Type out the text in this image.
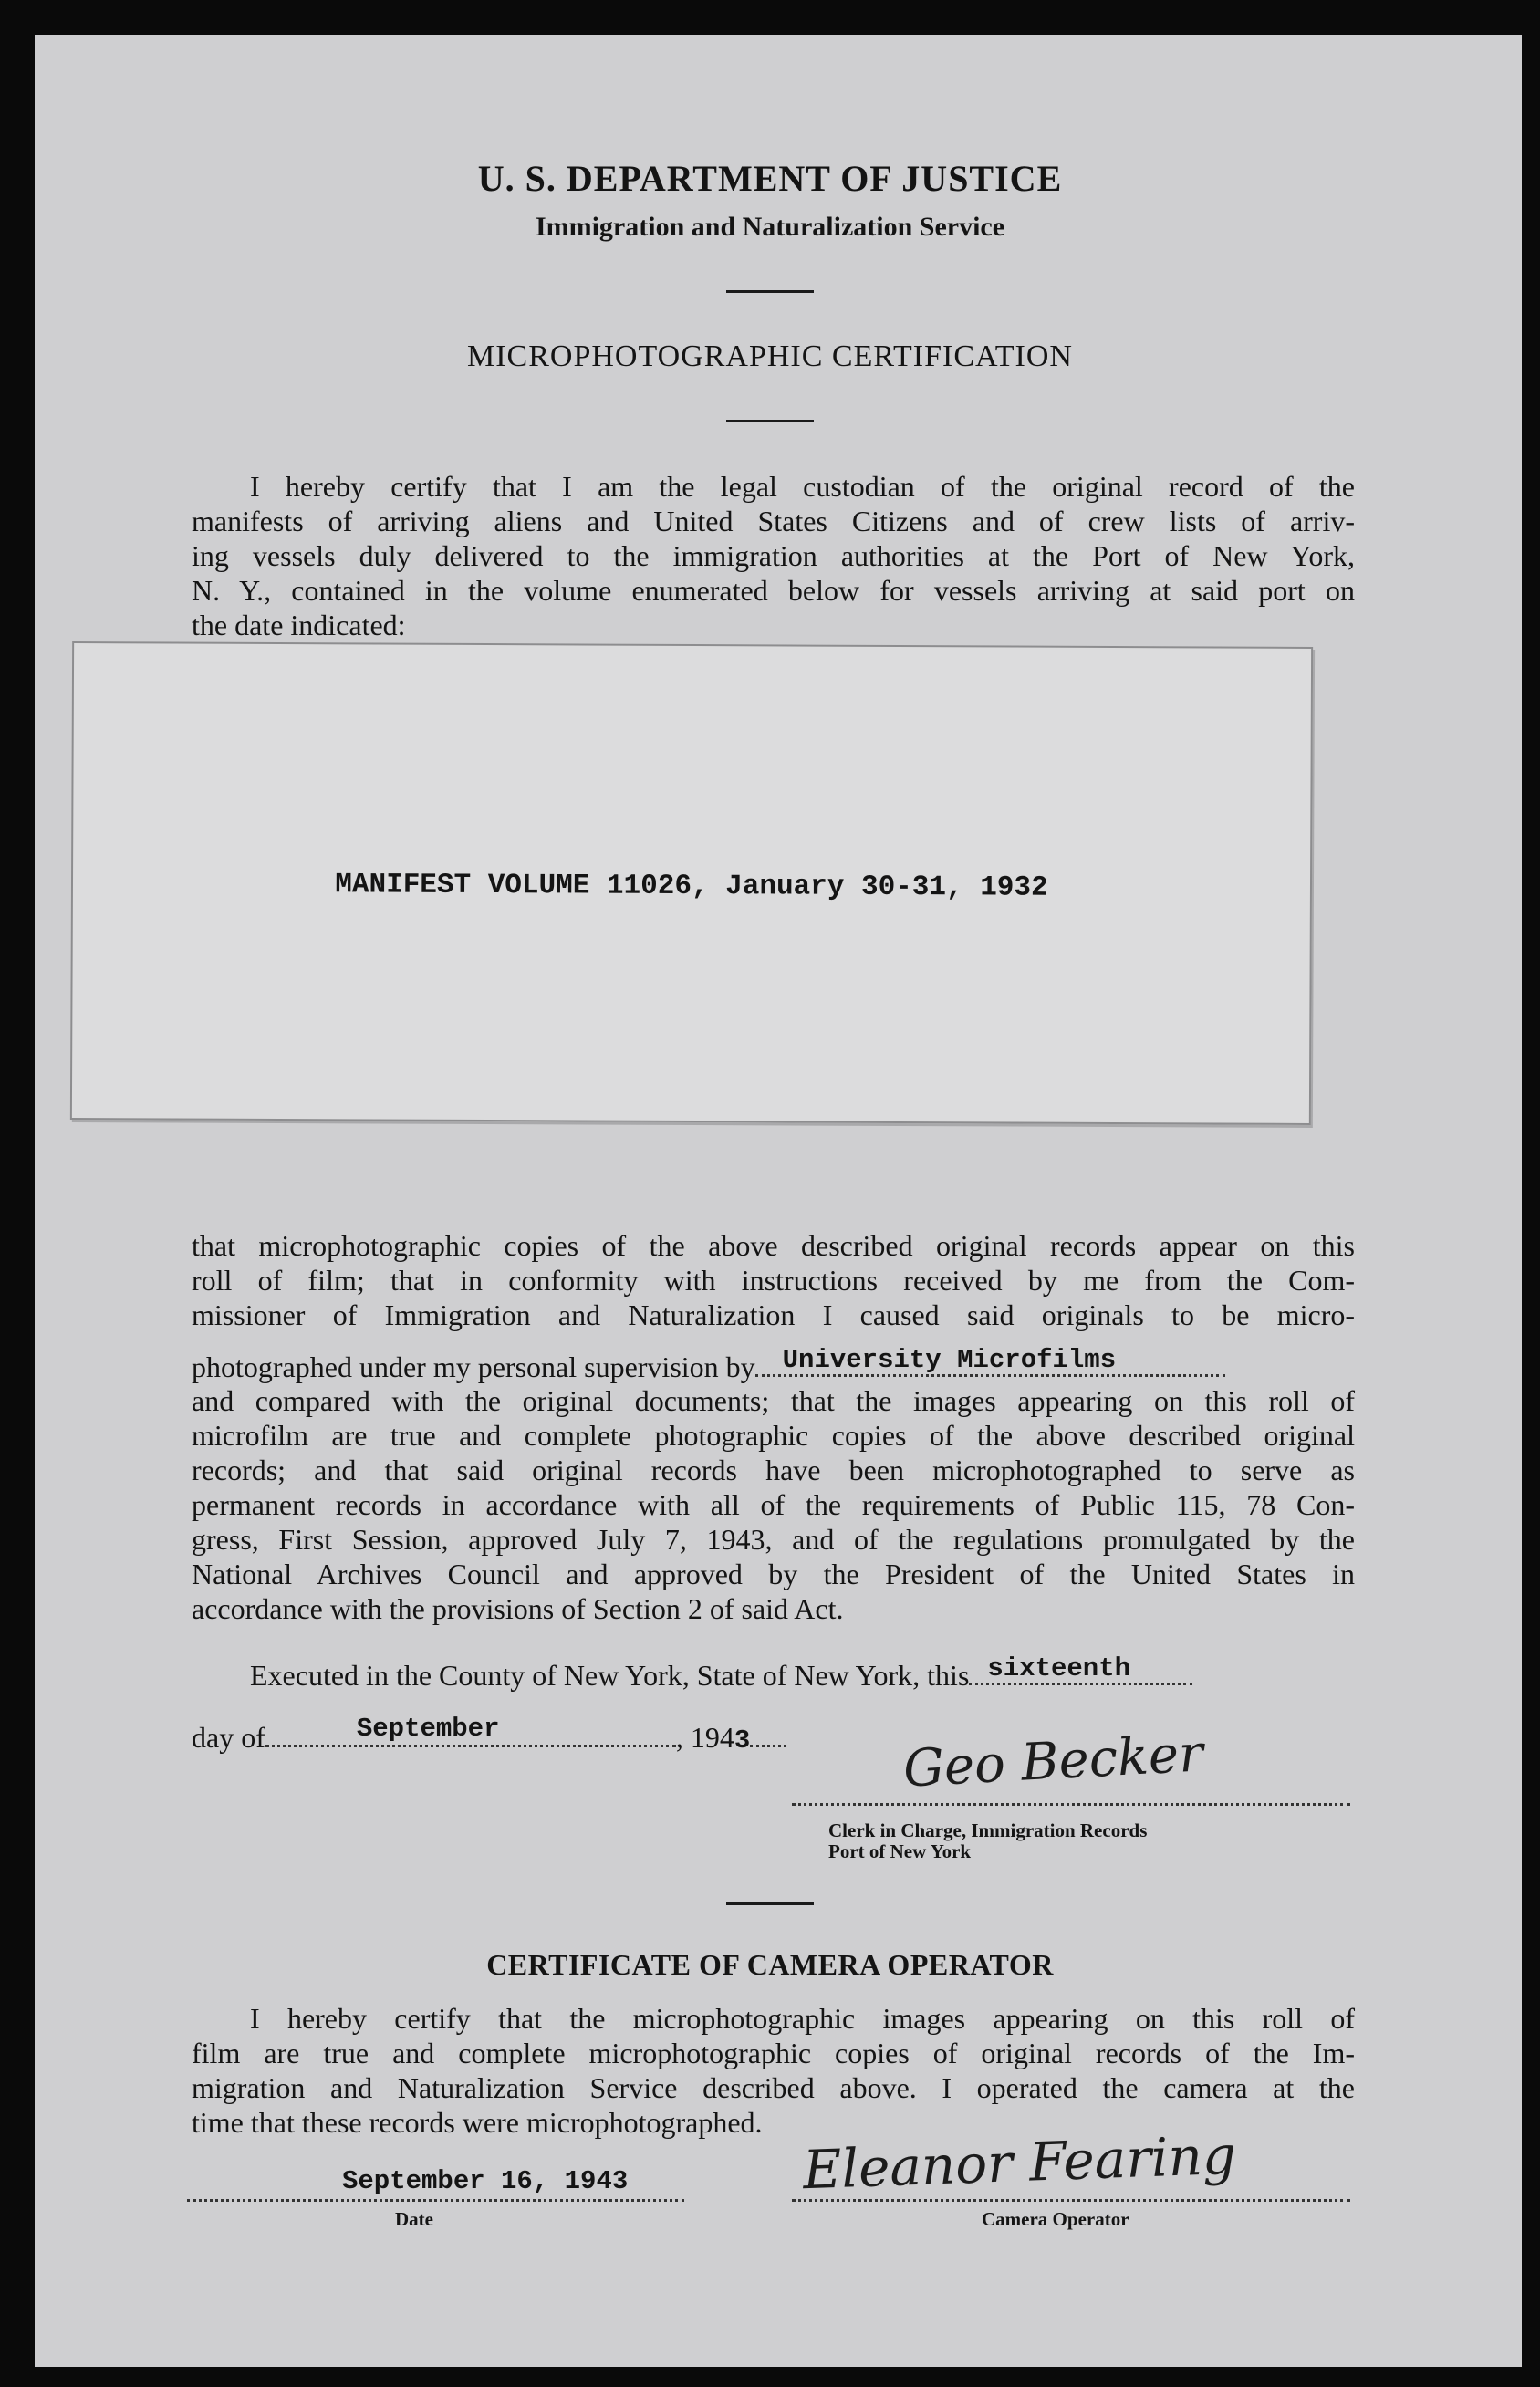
U. S. DEPARTMENT OF JUSTICE
Immigration and Naturalization Service
MICROPHOTOGRAPHIC CERTIFICATION
I hereby certify that I am the legal custodian of the original record of the
manifests of arriving aliens and United States Citizens and of crew lists of arriv-
ing vessels duly delivered to the immigration authorities at the Port of New York,
N. Y., contained in the volume enumerated below for vessels arriving at said port on
the date indicated:
MANIFEST VOLUME 11026, January 30-31, 1932
that microphotographic copies of the above described original records appear on this
roll of film; that in conformity with instructions received by me from the Com-
missioner of Immigration and Naturalization I caused said originals to be micro-
photographed under my personal supervision by University Microfilms
and compared with the original documents; that the images appearing on this roll of
microfilm are true and complete photographic copies of the above described original
records; and that said original records have been microphotographed to serve as
permanent records in accordance with all of the requirements of Public 115, 78 Con-
gress, First Session, approved July 7, 1943, and of the regulations promulgated by the
National Archives Council and approved by the President of the United States in
accordance with the provisions of Section 2 of said Act.
Executed in the County of New York, State of New York, this sixteenth
day of	September	, 1943	Geo Becker
Clerk in Charge, Immigration Records
Port of New York
CERTIFICATE OF CAMERA OPERATOR
I hereby certify that the microphotographic images appearing on this roll of
film are true and complete microphotographic copies of original records of the Im-
migration and Naturalization Service described above. I operated the camera at the
time that these records were microphotographed.
September 16, 1943
Date
Eleanor Fearing
Camera Operator
